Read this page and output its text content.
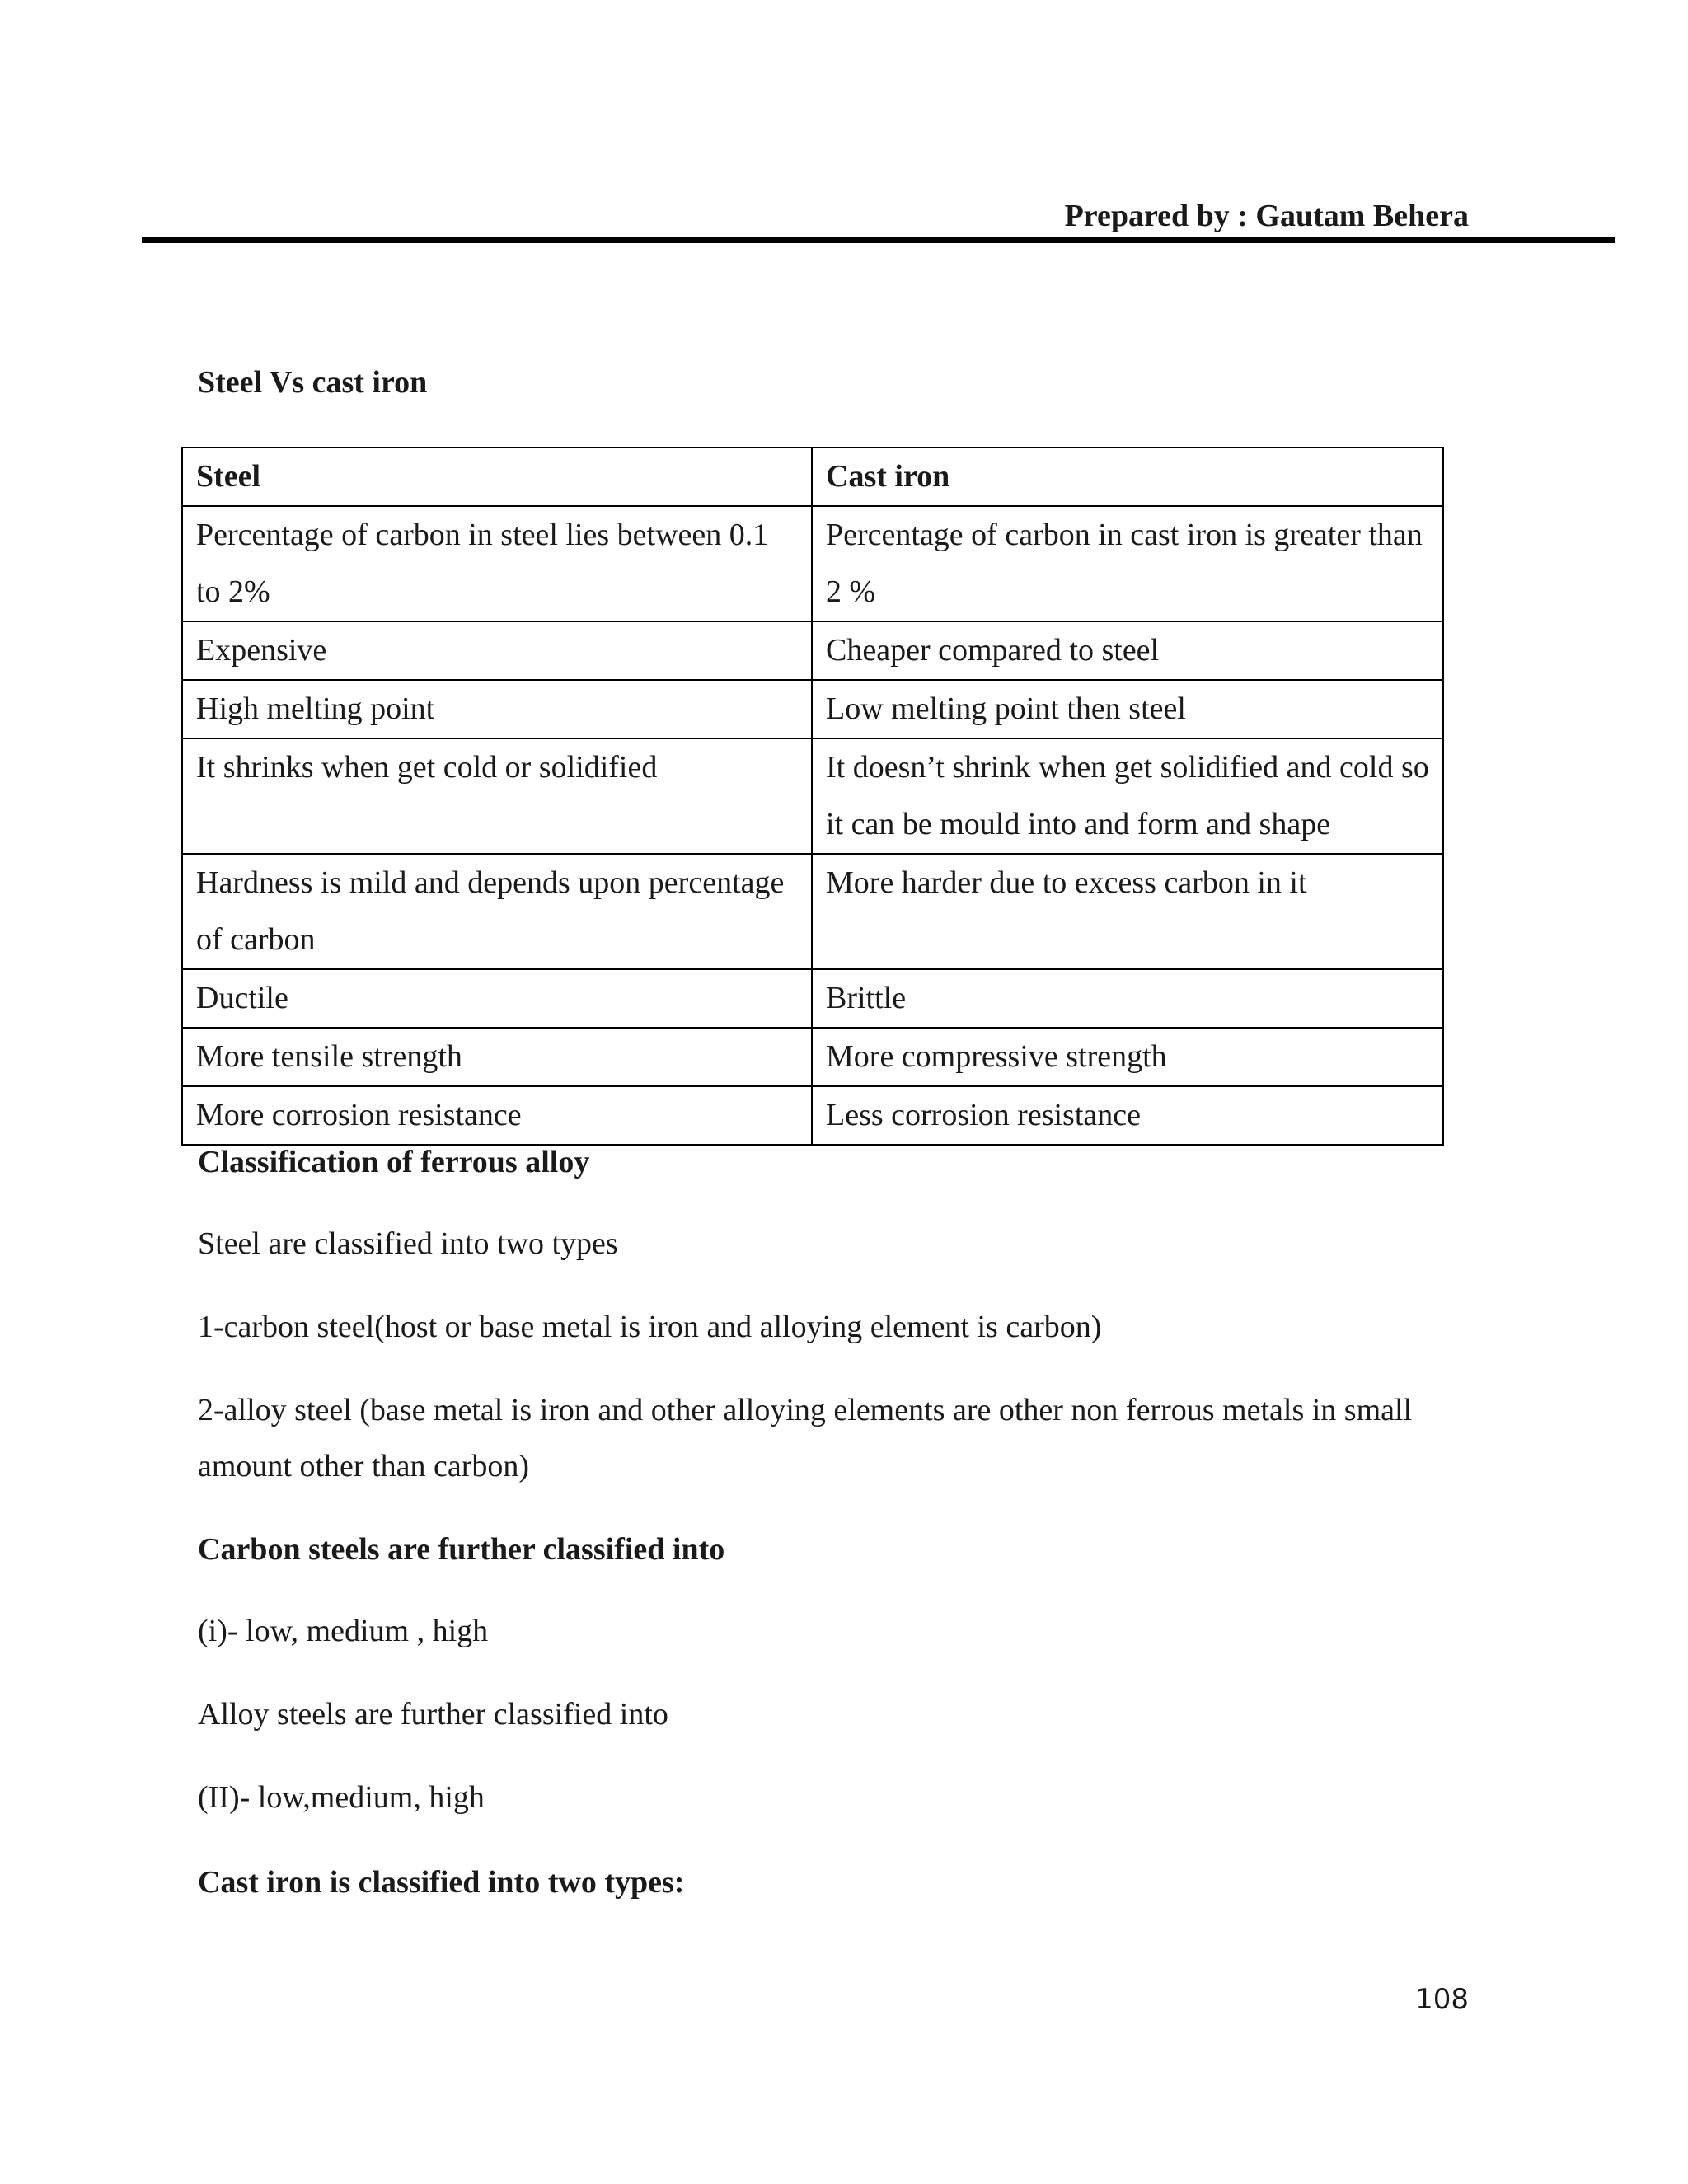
Prepared by : Gautam Behera
Steel Vs cast iron
Steel	Cast iron
Percentage of carbon in steel lies between 0.1 to 2%	Percentage of carbon in cast iron is greater than 2 %
Expensive	Cheaper compared to steel
High melting point	Low melting point then steel
It shrinks when get cold or solidified	It doesn’t shrink when get solidified and cold so it can be mould into and form and shape
Hardness is mild and depends upon percentage of carbon	More harder due to excess carbon in it
Ductile	Brittle
More tensile strength	More compressive strength
More corrosion resistance	Less corrosion resistance
Classification of ferrous alloy
Steel are classified into two types
1-carbon steel(host or base metal is iron and alloying element is carbon)
2-alloy steel (base metal is iron and other alloying elements are other non ferrous metals in small amount other than carbon)
Carbon steels are further classified into
(i)- low, medium , high
Alloy steels are further classified into
(II)- low,medium, high
Cast iron is classified into two types:
108
